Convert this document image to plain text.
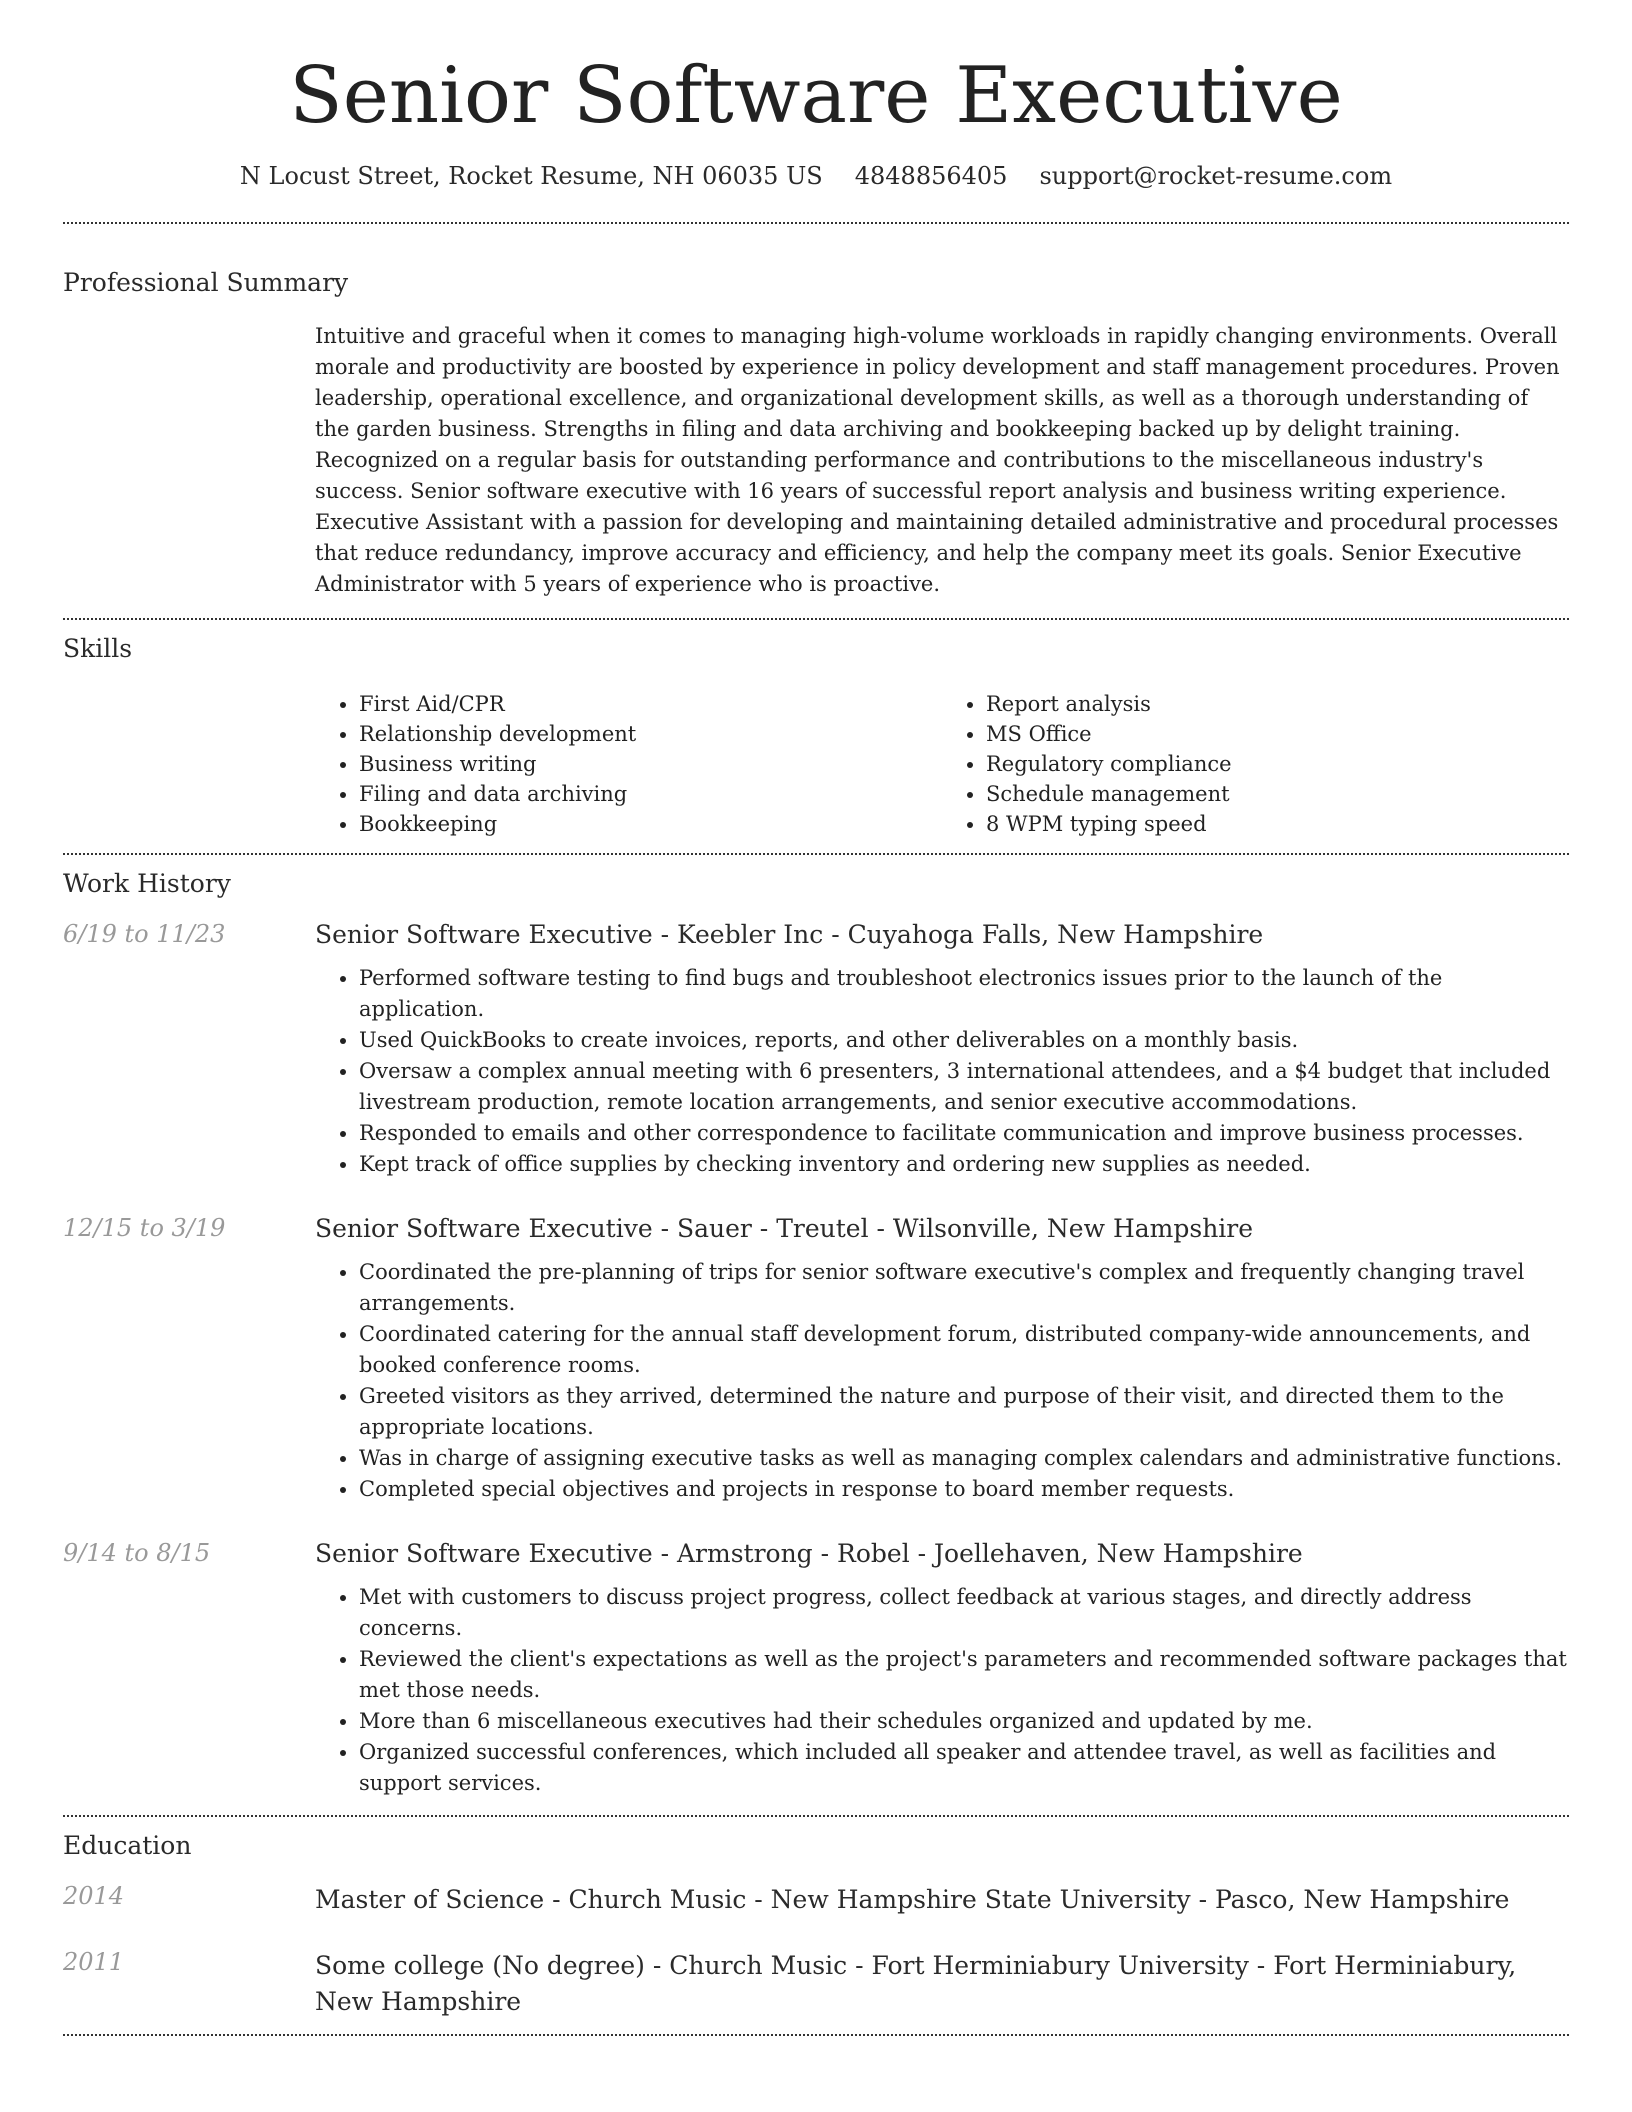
Senior Software Executive
N Locust Street, Rocket Resume, NH 06035 US 4848856405 support@rocket-resume.com
Professional Summary

Intuitive and graceful when it comes to managing high-volume workloads in rapidly changing environments. Overall morale and productivity are boosted by experience in policy development and staff management procedures. Proven leadership, operational excellence, and organizational development skills, as well as a thorough understanding of the garden business. Strengths in filing and data archiving and bookkeeping backed up by delight training. Recognized on a regular basis for outstanding performance and contributions to the miscellaneous industry's success. Senior software executive with 16 years of successful report analysis and business writing experience. Executive Assistant with a passion for developing and maintaining detailed administrative and procedural processes that reduce redundancy, improve accuracy and efficiency, and help the company meet its goals. Senior Executive Administrator with 5 years of experience who is proactive.

Skills
• First Aid/CPR
• Relationship development
• Business writing
• Filing and data archiving
• Bookkeeping
• Report analysis
• MS Office
• Regulatory compliance
• Schedule management
• 8 WPM typing speed
Work History
6/19 to 11/23	Senior Software Executive - Keebler Inc - Cuyahoga Falls, New Hampshire
• Performed software testing to find bugs and troubleshoot electronics issues prior to the launch of the application.
• Used QuickBooks to create invoices, reports, and other deliverables on a monthly basis.
• Oversaw a complex annual meeting with 6 presenters, 3 international attendees, and a $4 budget that included livestream production, remote location arrangements, and senior executive accommodations.
• Responded to emails and other correspondence to facilitate communication and improve business processes.
• Kept track of office supplies by checking inventory and ordering new supplies as needed.
12/15 to 3/19	Senior Software Executive - Sauer - Treutel - Wilsonville, New Hampshire
• Coordinated the pre-planning of trips for senior software executive's complex and frequently changing travel arrangements.
• Coordinated catering for the annual staff development forum, distributed company-wide announcements, and booked conference rooms.
• Greeted visitors as they arrived, determined the nature and purpose of their visit, and directed them to the appropriate locations.
• Was in charge of assigning executive tasks as well as managing complex calendars and administrative functions.
• Completed special objectives and projects in response to board member requests.
9/14 to 8/15	Senior Software Executive - Armstrong - Robel - Joellehaven, New Hampshire
• Met with customers to discuss project progress, collect feedback at various stages, and directly address concerns.
• Reviewed the client's expectations as well as the project's parameters and recommended software packages that met those needs.
• More than 6 miscellaneous executives had their schedules organized and updated by me.
• Organized successful conferences, which included all speaker and attendee travel, as well as facilities and support services.
Education
2014	Master of Science - Church Music - New Hampshire State University - Pasco, New Hampshire
2011	Some college (No degree) - Church Music - Fort Herminiabury University - Fort Herminiabury, New Hampshire
